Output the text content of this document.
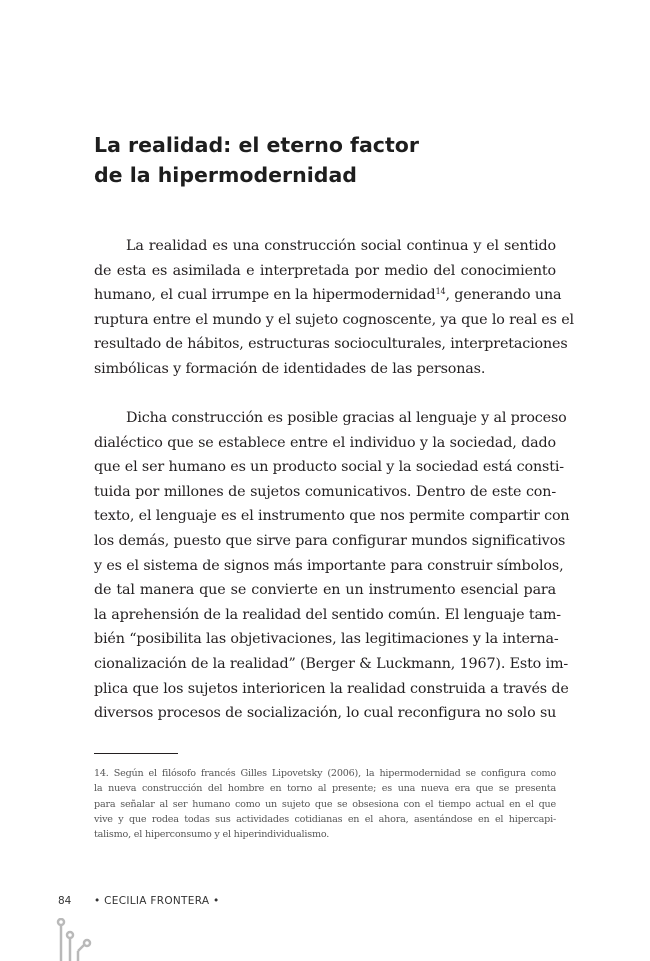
La realidad: el eterno factor
de la hipermodernidad

La realidad es una construcción social continua y el sentido
de esta es asimilada e interpretada por medio del conocimiento
humano, el cual irrumpe en la hipermodernidad$^{14}$, generando una
ruptura entre el mundo y el sujeto cognoscente, ya que lo real es el
resultado de hábitos, estructuras socioculturales, interpretaciones
simbólicas y formación de identidades de las personas.

Dicha construcción es posible gracias al lenguaje y al proceso
dialéctico que se establece entre el individuo y la sociedad, dado
que el ser humano es un producto social y la sociedad está consti-
tuida por millones de sujetos comunicativos. Dentro de este con-
texto, el lenguaje es el instrumento que nos permite compartir con
los demás, puesto que sirve para configurar mundos significativos
y es el sistema de signos más importante para construir símbolos,
de tal manera que se convierte en un instrumento esencial para
la aprehensión de la realidad del sentido común. El lenguaje tam-
bién “posibilita las objetivaciones, las legitimaciones y la interna-
cionalización de la realidad” (Berger & Luckmann, 1967). Esto im-
plica que los sujetos interioricen la realidad construida a través de
diversos procesos de socialización, lo cual reconfigura no solo su

14. Según el filósofo francés Gilles Lipovetsky (2006), la hipermodernidad se configura como
la nueva construcción del hombre en torno al presente; es una nueva era que se presenta
para señalar al ser humano como un sujeto que se obsesiona con el tiempo actual en el que
vive y que rodea todas sus actividades cotidianas en el ahora, asentándose en el hipercapi-
talismo, el hiperconsumo y el hiperindividualismo.

84 • CECILIA FRONTERA •
